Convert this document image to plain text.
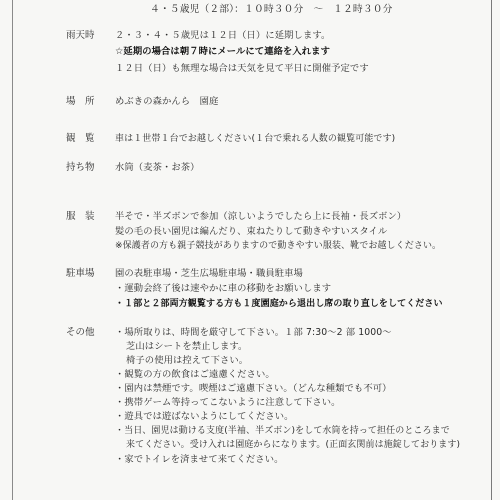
４・５歳児（２部）：１０時３０分　～　１２時３０分
雨天時 ２・３・４・５歳児は１２日（日）に延期します。
☆延期の場合は朝７時にメールにて連絡を入れます
１２日（日）も無理な場合は天気を見て平日に開催予定です
場　所 めぶきの森かんら　園庭
観　覧 車は１世帯１台でお越しください(１台で乗れる人数の観覧可能です)
持ち物 水筒（麦茶・お茶）
服　装 半そで・半ズボンで参加（涼しいようでしたら上に長袖・長ズボン）
髪の毛の長い園児は編んだり、束ねたりして動きやすいスタイル
※保護者の方も親子競技がありますので動きやすい服装、靴でお越しください。
駐車場 園の表駐車場・芝生広場駐車場・職員駐車場
・運動会終了後は速やかに車の移動をお願いします
・１部と２部両方観覧する方も１度園庭から退出し席の取り直しをしてください
その他 ・場所取りは、時間を厳守して下さい。１部 7:30～2 部 1000～
芝山はシートを禁止します。
椅子の使用は控えて下さい。
・観覧の方の飲食はご遠慮ください。
・園内は禁煙です。喫煙はご遠慮下さい。（どんな種類でも不可）
・携帯ゲーム等持ってこないように注意して下さい。
・遊具では遊ばないようにしてください。
・当日、園児は動ける支度(半袖、半ズボン)をして水筒を持って担任のところまで
来てください。受け入れは園庭からになります。(正面玄関前は施錠しております)
・家でトイレを済ませて来てください。
